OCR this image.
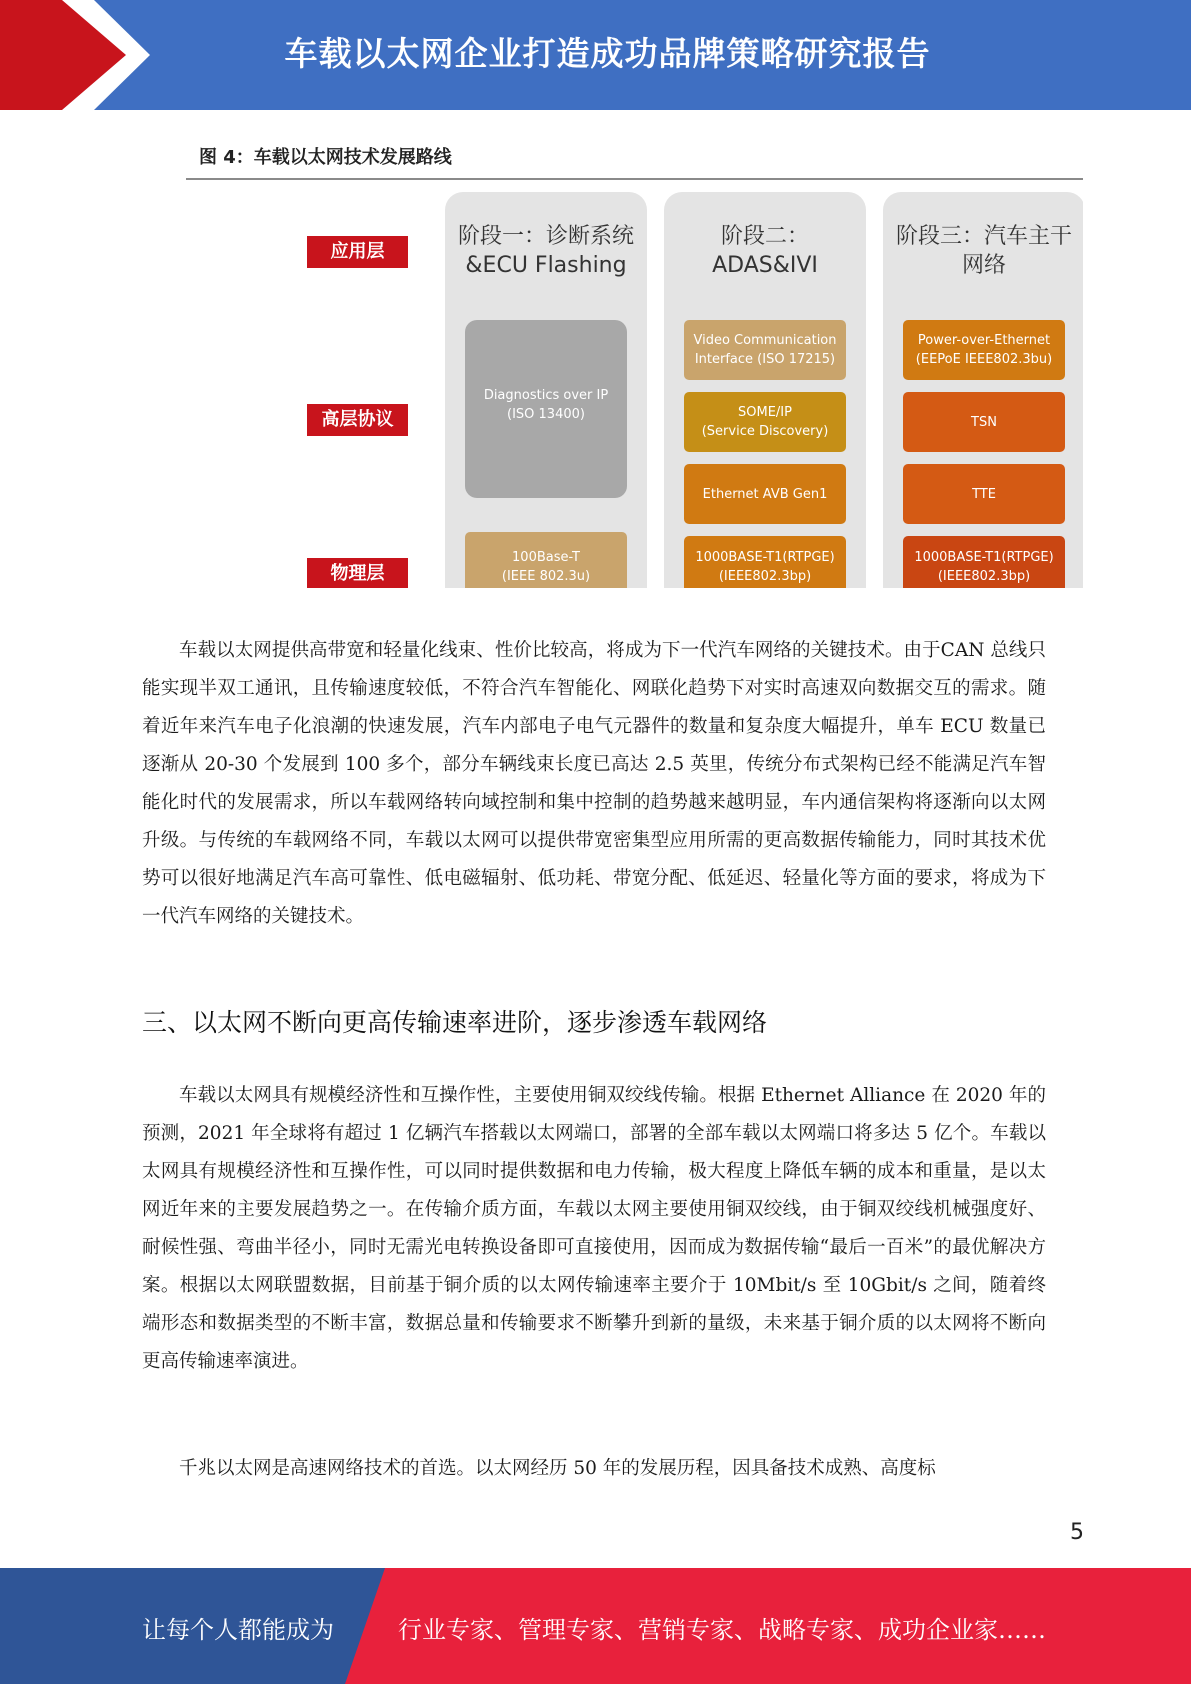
车载以太网企业打造成功品牌策略研究报告
图 4：车载以太网技术发展路线
应用层
高层协议
物理层
阶段一：诊断系统
&ECU Flashing
Diagnostics over IP
(ISO 13400)
100Base-T
(IEEE 802.3u)
阶段二：
ADAS&IVI
Video Communication
Interface (ISO 17215)
SOME/IP
(Service Discovery)
Ethernet AVB Gen1
1000BASE-T1(RTPGE)
(IEEE802.3bp)
阶段三：汽车主干
网络
Power-over-Ethernet
(EEPoE IEEE802.3bu)
TSN
TTE
1000BASE-T1(RTPGE)
(IEEE802.3bp)

车载以太网提供高带宽和轻量化线束、性价比较高，将成为下一代汽车网络的关键技术。由于CAN 总线只能实现半双工通讯，且传输速度较低，不符合汽车智能化、网联化趋势下对实时高速双向数据交互的需求。随着近年来汽车电子化浪潮的快速发展，汽车内部电子电气元器件的数量和复杂度大幅提升，单车 ECU 数量已逐渐从 20-30 个发展到 100 多个，部分车辆线束长度已高达 2.5 英里，传统分布式架构已经不能满足汽车智能化时代的发展需求，所以车载网络转向域控制和集中控制的趋势越来越明显，车内通信架构将逐渐向以太网升级。与传统的车载网络不同，车载以太网可以提供带宽密集型应用所需的更高数据传输能力，同时其技术优势可以很好地满足汽车高可靠性、低电磁辐射、低功耗、带宽分配、低延迟、轻量化等方面的要求，将成为下一代汽车网络的关键技术。

三、以太网不断向更高传输速率进阶，逐步渗透车载网络

车载以太网具有规模经济性和互操作性，主要使用铜双绞线传输。根据 Ethernet Alliance 在 2020 年的预测，2021 年全球将有超过 1 亿辆汽车搭载以太网端口，部署的全部车载以太网端口将多达 5 亿个。车载以太网具有规模经济性和互操作性，可以同时提供数据和电力传输，极大程度上降低车辆的成本和重量，是以太网近年来的主要发展趋势之一。在传输介质方面，车载以太网主要使用铜双绞线，由于铜双绞线机械强度好、耐候性强、弯曲半径小，同时无需光电转换设备即可直接使用，因而成为数据传输“最后一百米”的最优解决方案。根据以太网联盟数据，目前基于铜介质的以太网传输速率主要介于 10Mbit/s 至 10Gbit/s 之间，随着终端形态和数据类型的不断丰富，数据总量和传输要求不断攀升到新的量级，未来基于铜介质的以太网将不断向更高传输速率演进。

千兆以太网是高速网络技术的首选。以太网经历 50 年的发展历程，因具备技术成熟、高度标

5
让每个人都能成为	行业专家、管理专家、营销专家、战略专家、成功企业家……
